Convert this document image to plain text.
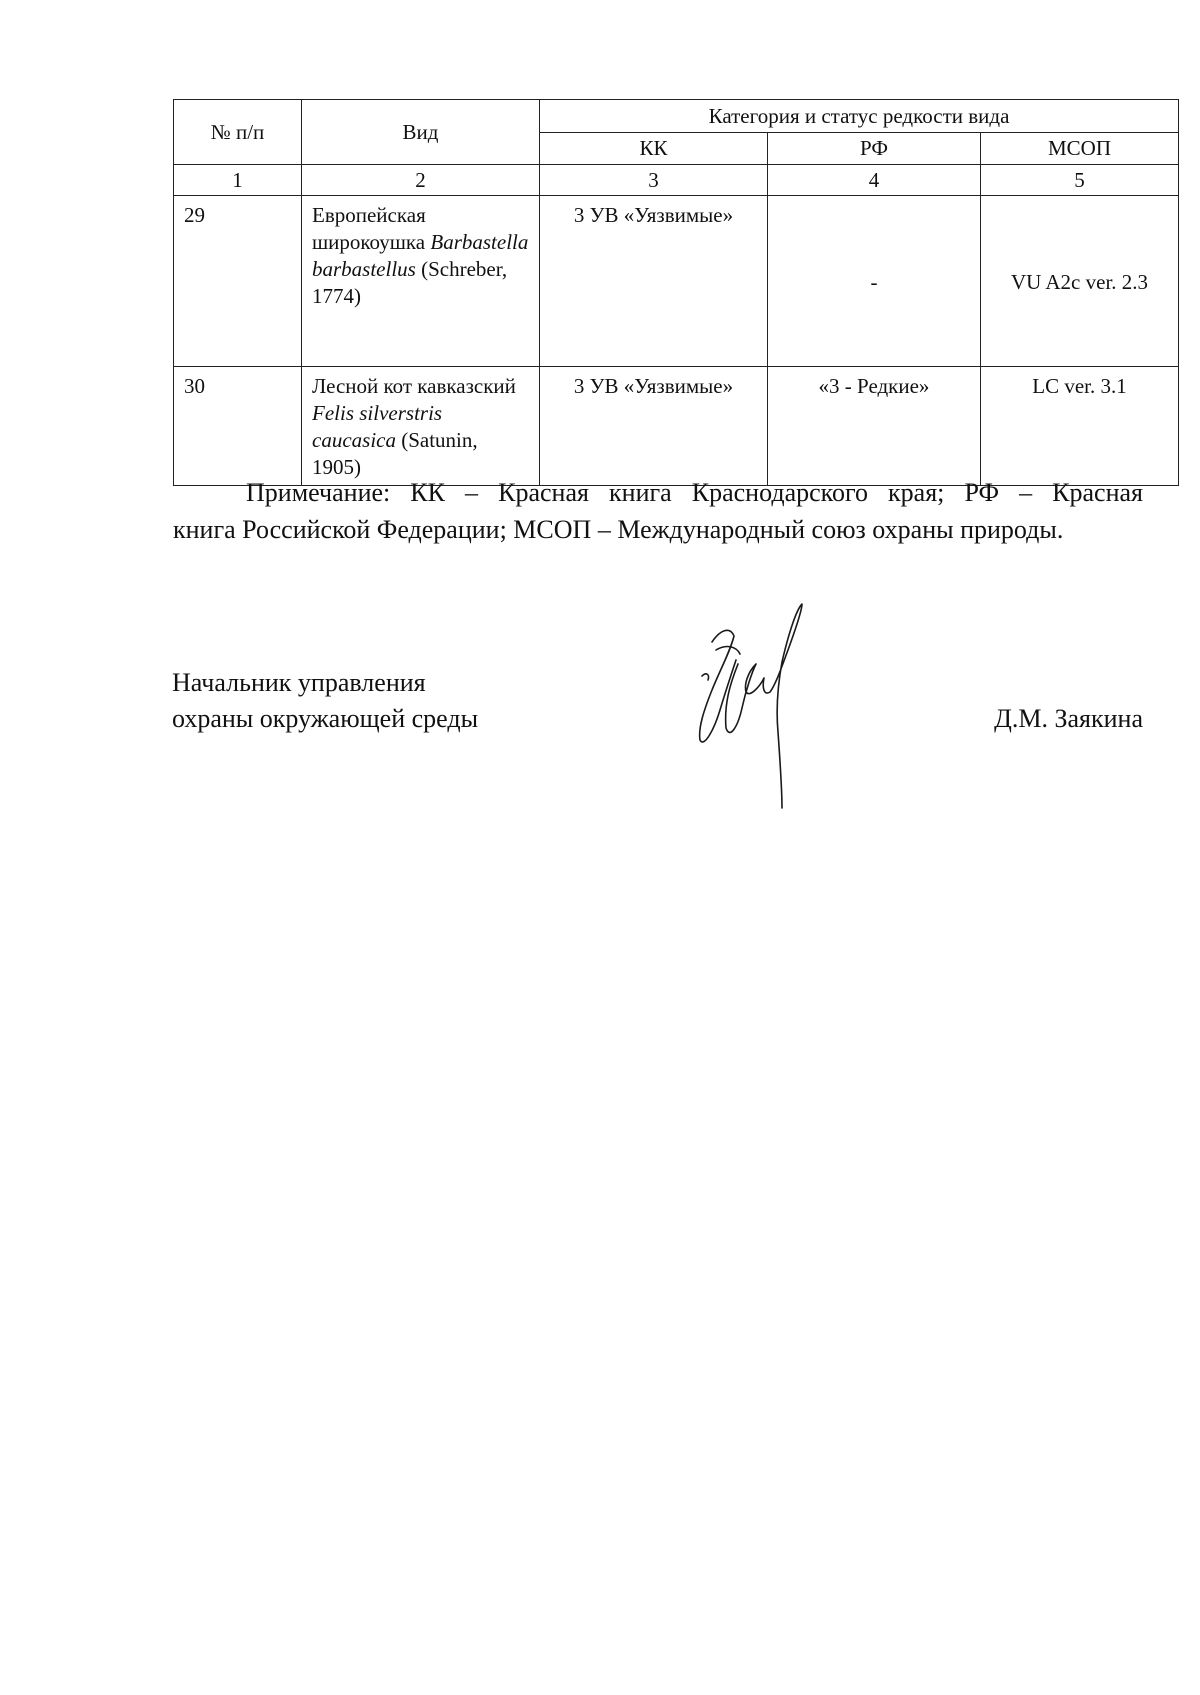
№ п/п	Вид	Категория и статус редкости вида		
		КК	РФ	МСОП
1	2	3	4	5
29	Европейская широкоушка Barbastella barbastellus (Schreber, 1774)	3 УВ «Уязвимые»	-	VU A2c ver. 2.3
30	Лесной кот кавказский Felis silverstris caucasica (Satunin, 1905)	3 УВ «Уязвимые»	«3 - Редкие»	LC ver. 3.1

Примечание: КК – Красная книга Краснодарского края; РФ – Красная
книга Российской Федерации; МСОП – Международный союз охраны природы.

Начальник управления
охраны окружающей среды	Д.М. Заякина
